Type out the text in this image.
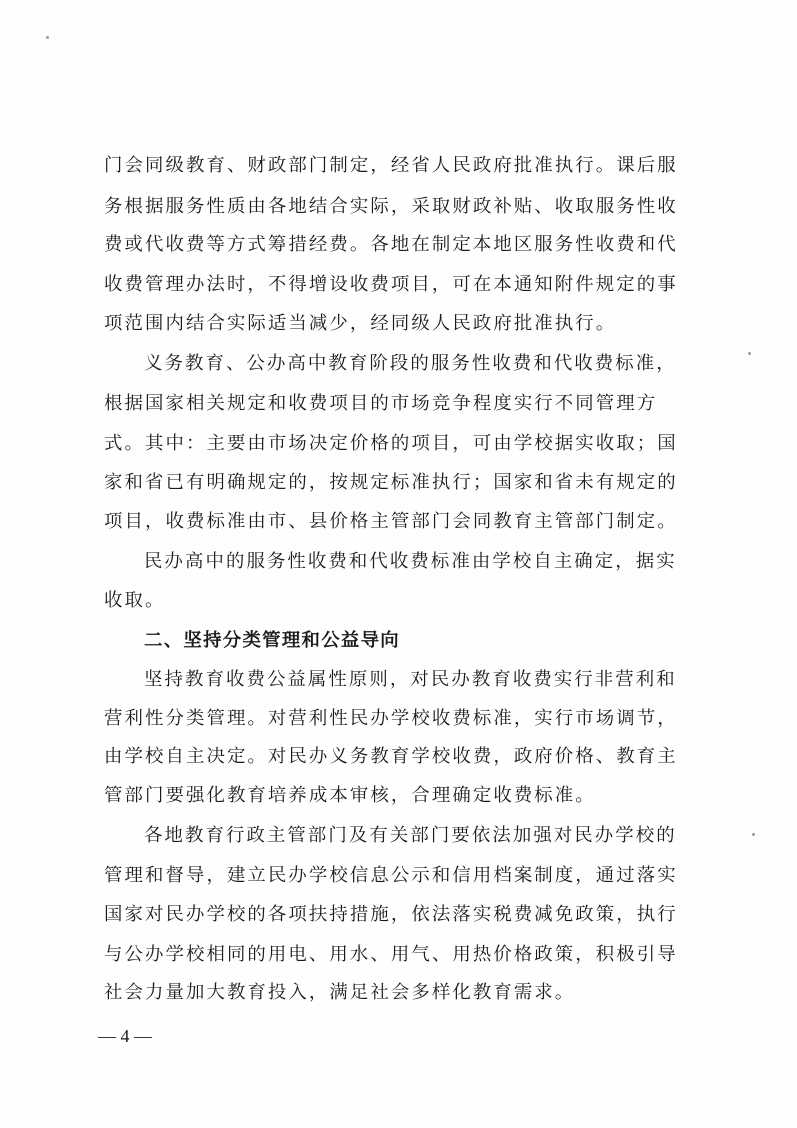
门会同级教育、财政部门制定，经省人民政府批准执行。课后服
务根据服务性质由各地结合实际，采取财政补贴、收取服务性收
费或代收费等方式筹措经费。各地在制定本地区服务性收费和代
收费管理办法时，不得增设收费项目，可在本通知附件规定的事
项范围内结合实际适当减少，经同级人民政府批准执行。
义务教育、公办高中教育阶段的服务性收费和代收费标准，
根据国家相关规定和收费项目的市场竞争程度实行不同管理方
式。其中：主要由市场决定价格的项目，可由学校据实收取；国
家和省已有明确规定的，按规定标准执行；国家和省未有规定的
项目，收费标准由市、县价格主管部门会同教育主管部门制定。
民办高中的服务性收费和代收费标准由学校自主确定，据实
收取。
二、坚持分类管理和公益导向
坚持教育收费公益属性原则，对民办教育收费实行非营利和
营利性分类管理。对营利性民办学校收费标准，实行市场调节，
由学校自主决定。对民办义务教育学校收费，政府价格、教育主
管部门要强化教育培养成本审核，合理确定收费标准。
各地教育行政主管部门及有关部门要依法加强对民办学校的
管理和督导，建立民办学校信息公示和信用档案制度，通过落实
国家对民办学校的各项扶持措施，依法落实税费减免政策，执行
与公办学校相同的用电、用水、用气、用热价格政策，积极引导
社会力量加大教育投入，满足社会多样化教育需求。
— 4 —
